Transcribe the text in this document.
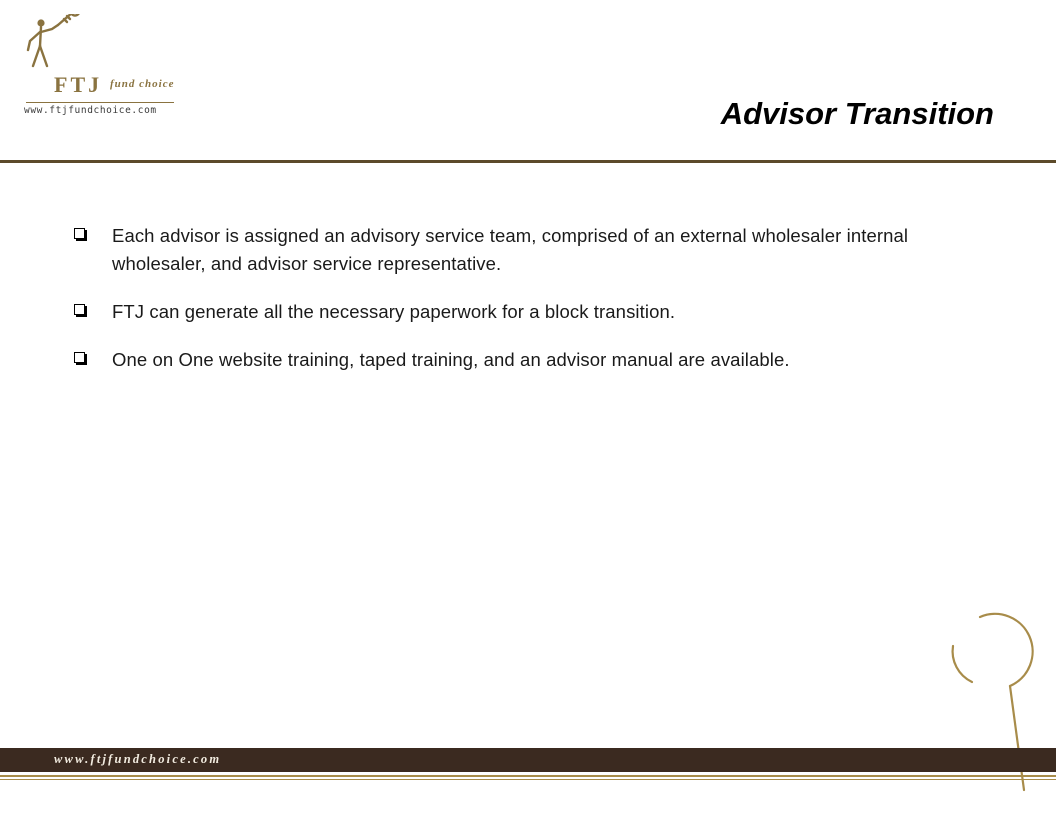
FTJ fund choice
www.ftjfundchoice.com	Advisor Transition
Each advisor is assigned an advisory service team, comprised of an external wholesaler internal wholesaler, and advisor service representative.
FTJ can generate all the necessary paperwork for a block transition.
One on One website training, taped training, and an advisor manual are available.
www.ftjfundchoice.com
